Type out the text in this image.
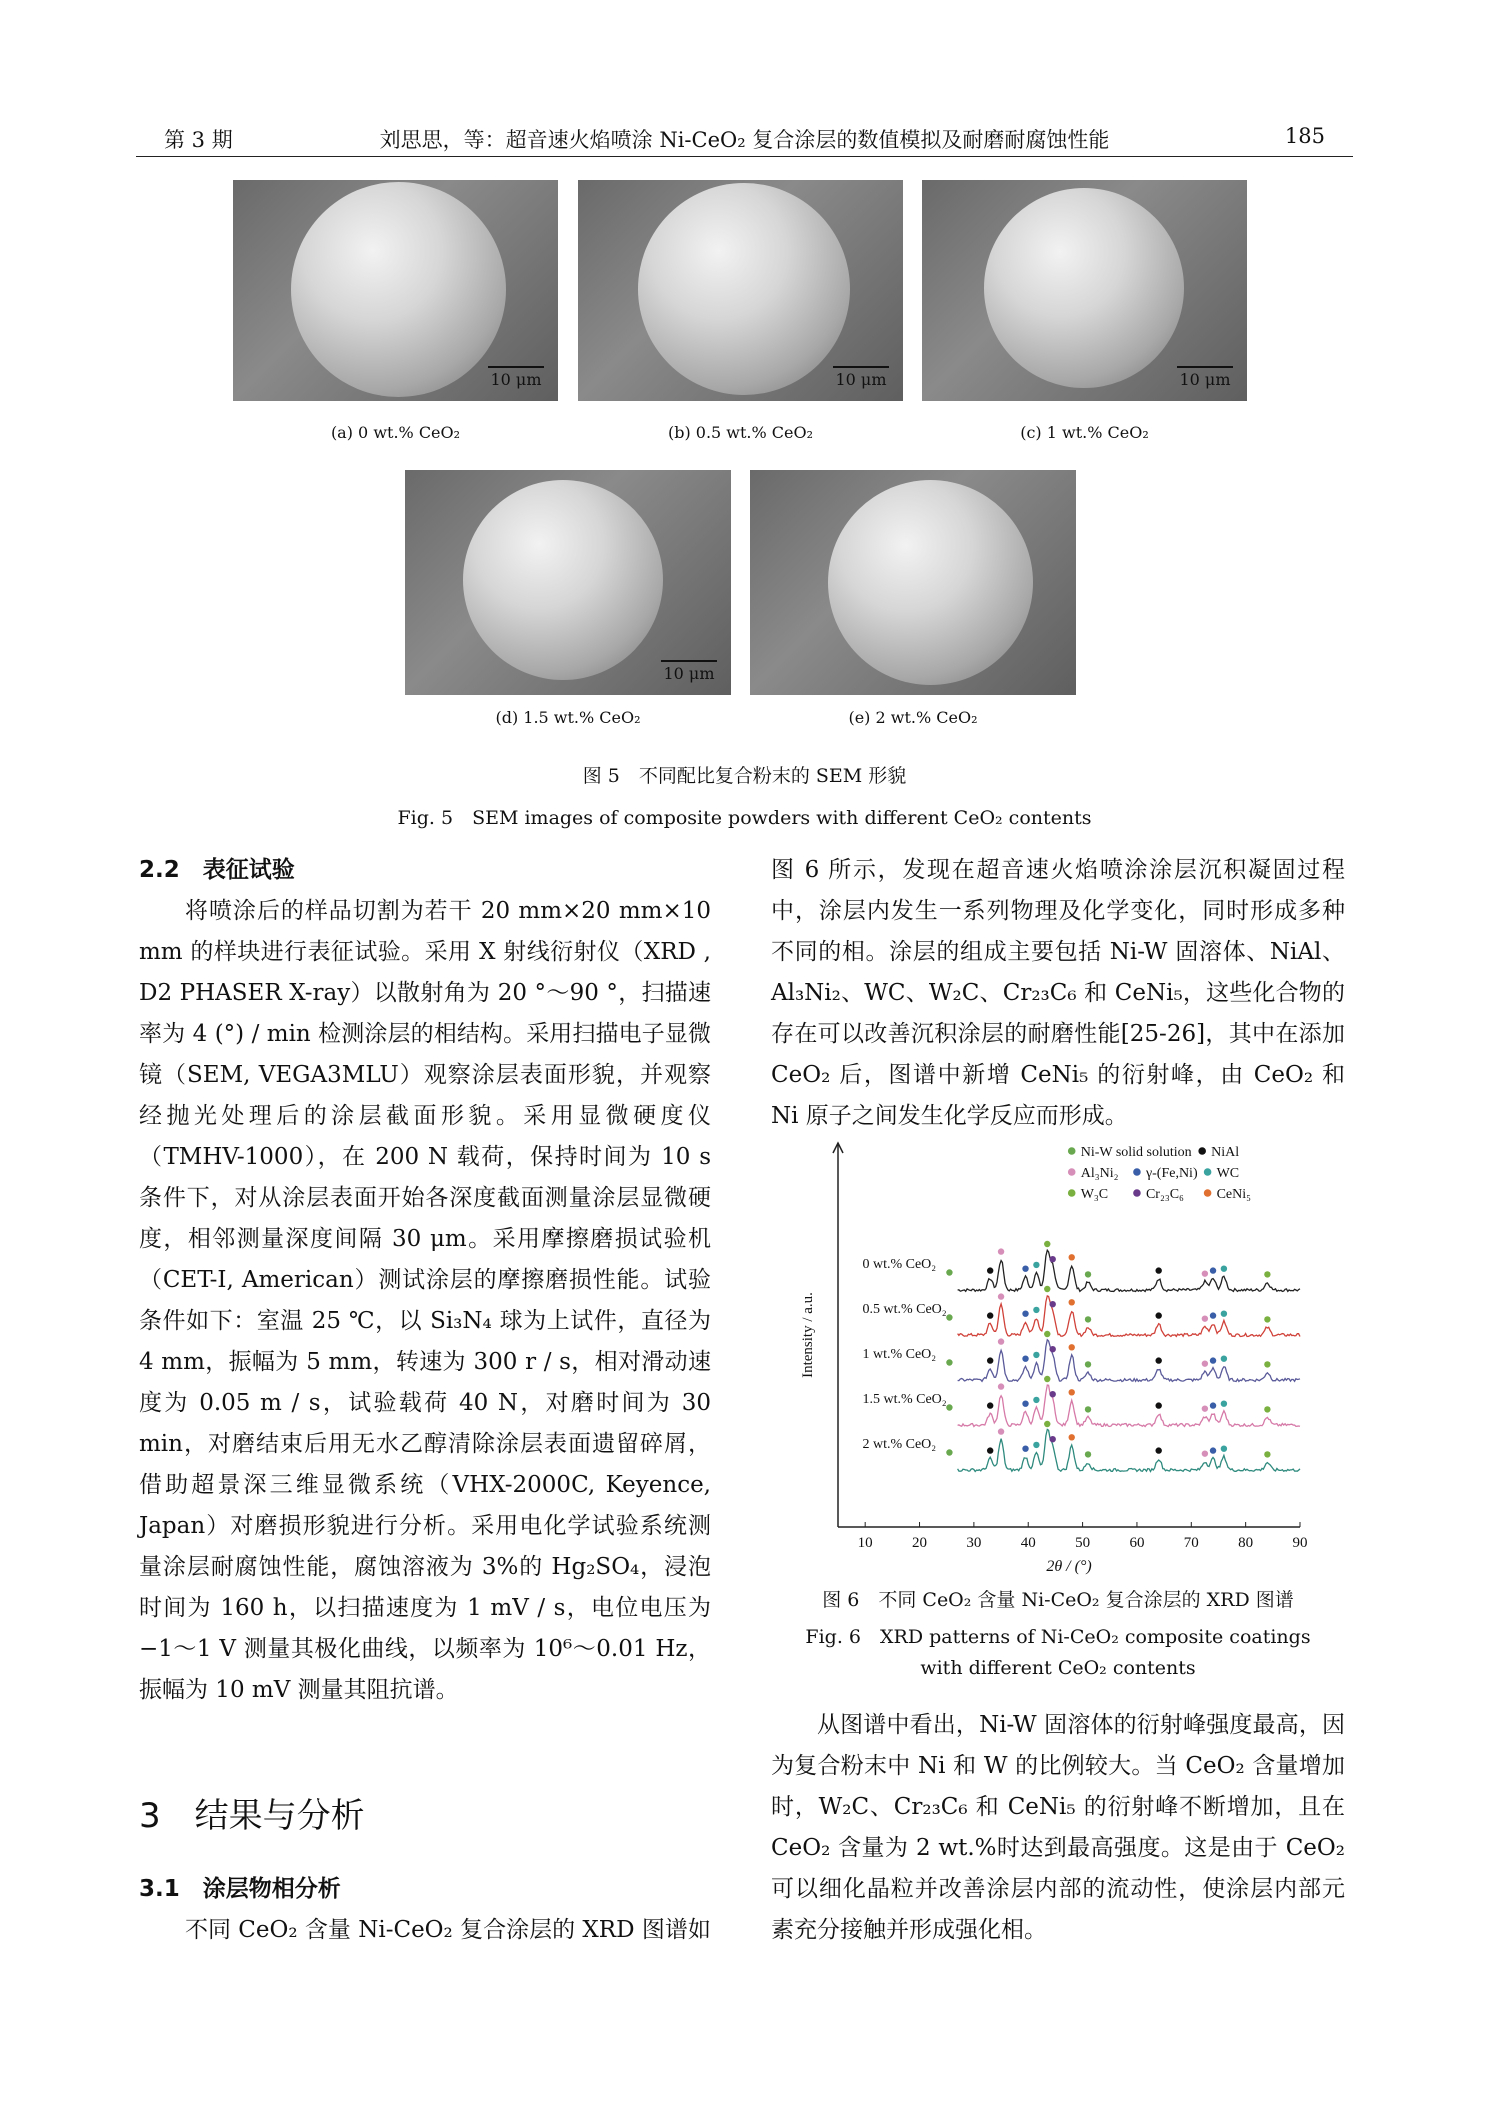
第 3 期	刘思思，等：超音速火焰喷涂 Ni-CeO₂ 复合涂层的数值模拟及耐磨耐腐蚀性能	185
10 μm	10 μm	10 μm
(a) 0 wt.% CeO₂	(b) 0.5 wt.% CeO₂	(c) 1 wt.% CeO₂
10 μm
(d) 1.5 wt.% CeO₂	(e) 2 wt.% CeO₂
图 5　不同配比复合粉末的 SEM 形貌
Fig. 5　SEM images of composite powders with different CeO₂ contents

2.2　表征试验

将喷涂后的样品切割为若干 20 mm×20 mm×10 mm 的样块进行表征试验。采用 X 射线衍射仪（XRD , D2 PHASER X-ray）以散射角为 20 °～90 °，扫描速率为 4 (°) / min 检测涂层的相结构。采用扫描电子显微镜（SEM, VEGA3MLU）观察涂层表面形貌，并观察经抛光处理后的涂层截面形貌。采用显微硬度仪（TMHV-1000），在 200 N 载荷，保持时间为 10 s 条件下，对从涂层表面开始各深度截面测量涂层显微硬度，相邻测量深度间隔 30 μm。采用摩擦磨损试验机（CET-I, American）测试涂层的摩擦磨损性能。试验条件如下：室温 25 ℃，以 Si₃N₄ 球为上试件，直径为 4 mm，振幅为 5 mm，转速为 300 r / s，相对滑动速度为 0.05 m / s，试验载荷 40 N，对磨时间为 30 min，对磨结束后用无水乙醇清除涂层表面遗留碎屑，借助超景深三维显微系统（VHX-2000C, Keyence, Japan）对磨损形貌进行分析。采用电化学试验系统测量涂层耐腐蚀性能，腐蚀溶液为 3%的 Hg₂SO₄，浸泡时间为 160 h，以扫描速度为 1 mV / s，电位电压为−1～1 V 测量其极化曲线，以频率为 10⁶～0.01 Hz，振幅为 10 mV 测量其阻抗谱。

3　结果与分析
3.1　涂层物相分析

不同 CeO₂ 含量 Ni-CeO₂ 复合涂层的 XRD 图谱如

图 6 所示，发现在超音速火焰喷涂涂层沉积凝固过程中，涂层内发生一系列物理及化学变化，同时形成多种不同的相。涂层的组成主要包括 Ni-W 固溶体、NiAl、Al₃Ni₂、WC、W₂C、Cr₂₃C₆ 和 CeNi₅，这些化合物的存在可以改善沉积涂层的耐磨性能[25-26]，其中在添加 CeO₂ 后，图谱中新增 CeNi₅ 的衍射峰，由 CeO₂ 和 Ni 原子之间发生化学反应而形成。

10	20	30	40	50	60	70	80	90
2θ / (°)
Intensity / a.u.
0 wt.% CeO₂
0.5 wt.% CeO₂
1 wt.% CeO₂
1.5 wt.% CeO₂
2 wt.% CeO₂
Ni-W solid solution NiAl
Al₃Ni₂ γ-(Fe,Ni) WC
W₃C	Cr₂₃C₆ CeNi₅
图 6　不同 CeO₂ 含量 Ni-CeO₂ 复合涂层的 XRD 图谱
Fig. 6　XRD patterns of Ni-CeO₂ composite coatings
with different CeO₂ contents

从图谱中看出，Ni-W 固溶体的衍射峰强度最高，因为复合粉末中 Ni 和 W 的比例较大。当 CeO₂ 含量增加时，W₂C、Cr₂₃C₆ 和 CeNi₅ 的衍射峰不断增加，且在 CeO₂ 含量为 2 wt.%时达到最高强度。这是由于 CeO₂ 可以细化晶粒并改善涂层内部的流动性，使涂层内部元素充分接触并形成强化相。
